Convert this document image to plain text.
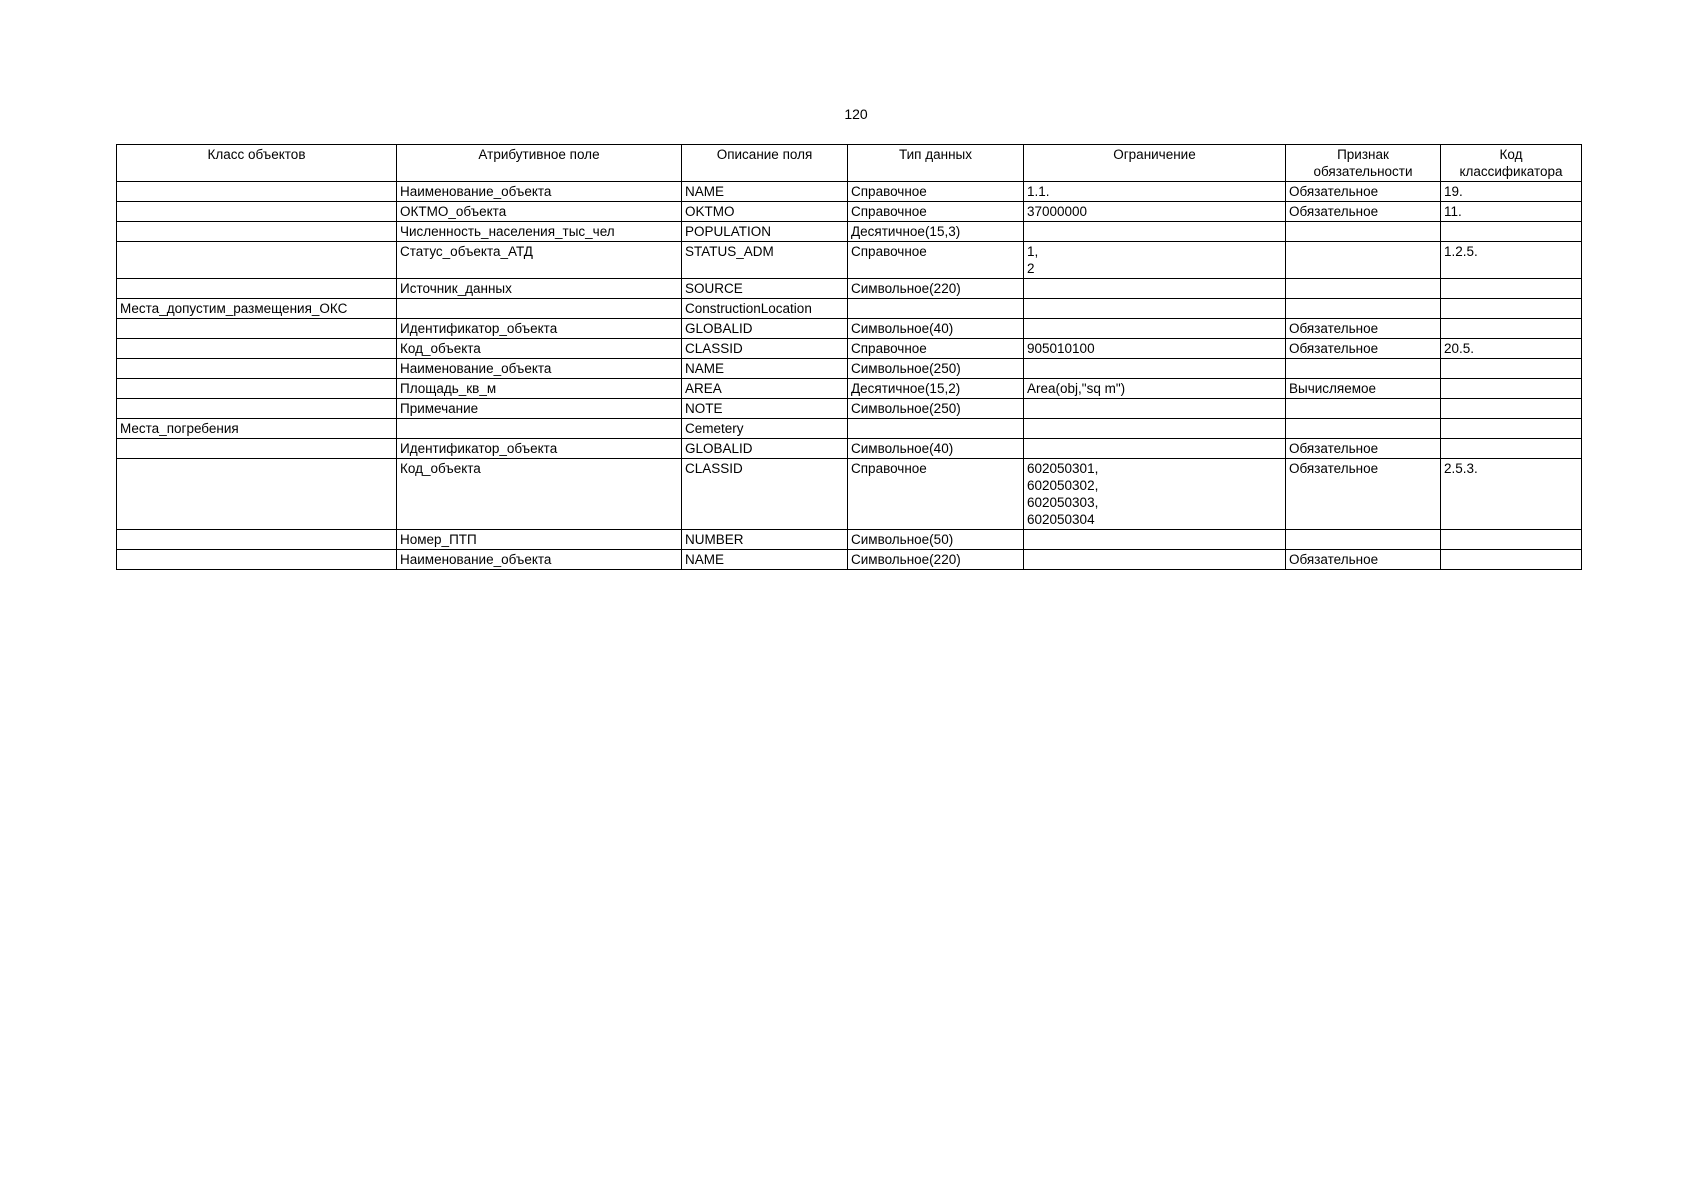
120
Класс объектов	Атрибутивное поле	Описание поля	Тип данных	Ограничение	Признак
обязательности	Код
классификатора
	Наименование_объекта	NAME	Справочное	1.1.	Обязательное	19.
	ОКТМО_объекта	OKTMO	Справочное	37000000	Обязательное	11.
	Численность_населения_тыс_чел	POPULATION	Десятичное(15,3)			
	Статус_объекта_АТД	STATUS_ADM	Справочное	1,
2		1.2.5.
	Источник_данных	SOURCE	Символьное(220)			
Места_допустим_размещения_ОКС		ConstructionLocation				
	Идентификатор_объекта	GLOBALID	Символьное(40)		Обязательное	
	Код_объекта	CLASSID	Справочное	905010100	Обязательное	20.5.
	Наименование_объекта	NAME	Символьное(250)			
	Площадь_кв_м	AREA	Десятичное(15,2)	Area(obj,"sq m")	Вычисляемое	
	Примечание	NOTE	Символьное(250)			
Места_погребения		Cemetery				
	Идентификатор_объекта	GLOBALID	Символьное(40)		Обязательное	
	Код_объекта	CLASSID	Справочное	602050301,
602050302,
602050303,
602050304	Обязательное	2.5.3.
	Номер_ПТП	NUMBER	Символьное(50)			
	Наименование_объекта	NAME	Символьное(220)		Обязательное	
